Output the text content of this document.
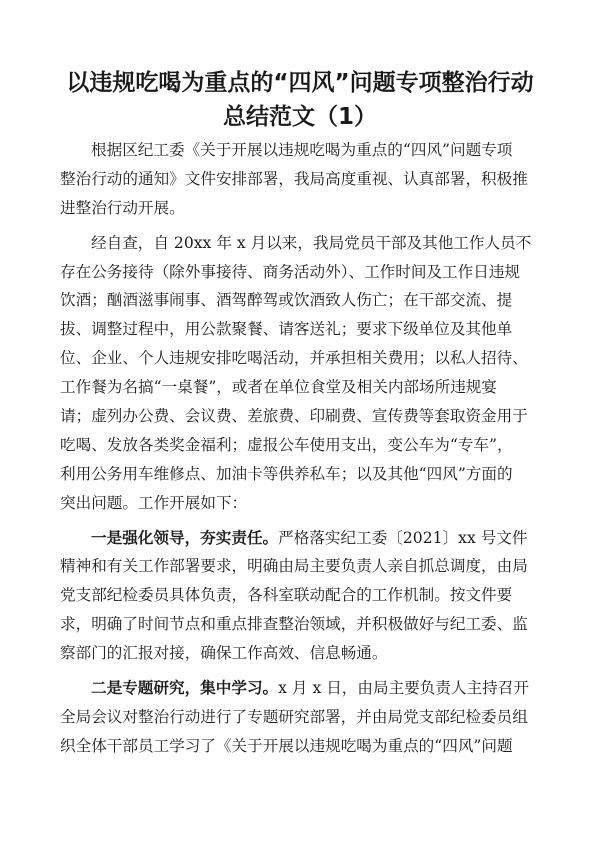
以违规吃喝为重点的“四风”问题专项整治行动
总结范文（1）

根据区纪工委《关于开展以违规吃喝为重点的“四风”问题专项
整治行动的通知》文件安排部署，我局高度重视、认真部署，积极推
进整治行动开展。

经自查，自 20xx 年 x 月以来，我局党员干部及其他工作人员不
存在公务接待（除外事接待、商务活动外）、工作时间及工作日违规
饮酒；酗酒滋事闹事、酒驾醉驾或饮酒致人伤亡；在干部交流、提
拔、调整过程中，用公款聚餐、请客送礼；要求下级单位及其他单
位、企业、个人违规安排吃喝活动，并承担相关费用；以私人招待、
工作餐为名搞“一桌餐”，或者在单位食堂及相关内部场所违规宴
请；虚列办公费、会议费、差旅费、印刷费、宣传费等套取资金用于
吃喝、发放各类奖金福利；虚报公车使用支出，变公车为“专车”，
利用公务用车维修点、加油卡等供养私车；以及其他“四风”方面的
突出问题。工作开展如下：

一是强化领导，夯实责任。严格落实纪工委〔2021〕xx 号文件
精神和有关工作部署要求，明确由局主要负责人亲自抓总调度，由局
党支部纪检委员具体负责，各科室联动配合的工作机制。按文件要
求，明确了时间节点和重点排查整治领域，并积极做好与纪工委、监
察部门的汇报对接，确保工作高效、信息畅通。

二是专题研究，集中学习。x 月 x 日，由局主要负责人主持召开
全局会议对整治行动进行了专题研究部署，并由局党支部纪检委员组
织全体干部员工学习了《关于开展以违规吃喝为重点的“四风”问题
